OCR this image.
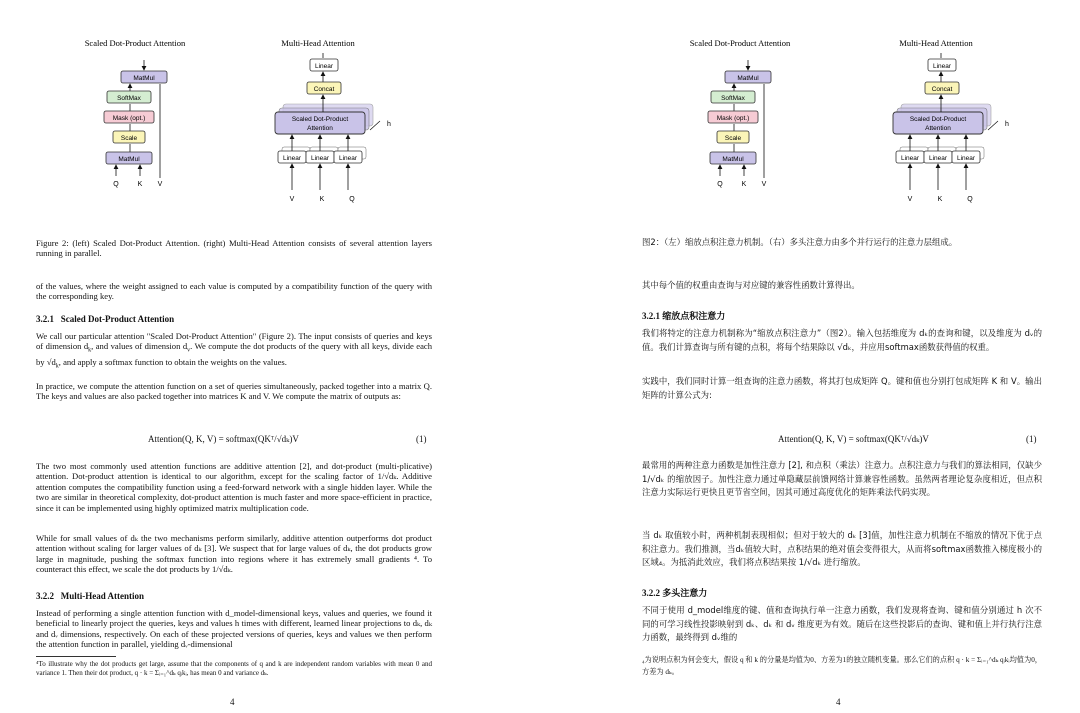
Scaled Dot-Product Attention
MatMul
SoftMax
Mask (opt.)
Scale
MatMul
Q	K V
Multi-Head Attention
Linear
Concat
Scaled Dot-Product
Attention
h
Linear Linear Linear
V	K	Q

Figure 2: (left) Scaled Dot-Product Attention. (right) Multi-Head Attention consists of several attention layers running in parallel.

of the values, where the weight assigned to each value is computed by a compatibility function of the query with the corresponding key.

3.2.1   Scaled Dot-Product Attention

We call our particular attention "Scaled Dot-Product Attention" (Figure 2). The input consists of queries and keys of dimension $d_k$, and values of dimension $d_v$. We compute the dot products of the query with all keys, divide each by $√d_k$, and apply a softmax function to obtain the weights on the values.

In practice, we compute the attention function on a set of queries simultaneously, packed together into a matrix Q. The keys and values are also packed together into matrices K and V. We compute the matrix of outputs as:

Attention(Q, K, V) = softmax(QKᵀ/√dₖ)V	(1)

The two most commonly used attention functions are additive attention [2], and dot-product (multi-plicative) attention. Dot-product attention is identical to our algorithm, except for the scaling factor of 1/√dₖ. Additive attention computes the compatibility function using a feed-forward network with a single hidden layer. While the two are similar in theoretical complexity, dot-product attention is much faster and more space-efficient in practice, since it can be implemented using highly optimized matrix multiplication code.

While for small values of dₖ the two mechanisms perform similarly, additive attention outperforms dot product attention without scaling for larger values of dₖ [3]. We suspect that for large values of dₖ, the dot products grow large in magnitude, pushing the softmax function into regions where it has extremely small gradients ⁴. To counteract this effect, we scale the dot products by 1/√dₖ.

3.2.2   Multi-Head Attention

Instead of performing a single attention function with d_model-dimensional keys, values and queries, we found it beneficial to linearly project the queries, keys and values h times with different, learned linear projections to dₖ, dₖ and dᵥ dimensions, respectively. On each of these projected versions of queries, keys and values we then perform the attention function in parallel, yielding dᵥ-dimensional

⁴To illustrate why the dot products get large, assume that the components of q and k are independent random variables with mean 0 and variance 1. Then their dot product, q · k = Σᵢ₌₁^dₖ qᵢkᵢ, has mean 0 and variance dₖ.

4
Scaled Dot-Product Attention
MatMul
SoftMax
Mask (opt.)
Scale
MatMul
Q	K V
Multi-Head Attention
Linear
Concat
Scaled Dot-Product
Attention
h
Linear Linear Linear
V	K	Q

图2：（左）缩放点积注意力机制。（右）多头注意力由多个并行运行的注意力层组成。

其中每个值的权重由查询与对应键的兼容性函数计算得出。

3.2.1 缩放点积注意力

我们将特定的注意力机制称为“缩放点积注意力”（图2）。输入包括维度为 dₖ的查询和键，以及维度为 dᵥ的值。我们计算查询与所有键的点积，将每个结果除以 √dₖ，并应用softmax函数获得值的权重。

实践中，我们同时计算一组查询的注意力函数，将其打包成矩阵 Q。键和值也分别打包成矩阵 K 和 V。输出矩阵的计算公式为:

Attention(Q, K, V) = softmax(QKᵀ/√dₖ)V	(1)

最常用的两种注意力函数是加性注意力 [2], 和点积（乘法）注意力。点积注意力与我们的算法相同，仅缺少 1/√dₖ 的缩放因子。加性注意力通过单隐藏层前馈网络计算兼容性函数。虽然两者理论复杂度相近，但点积注意力实际运行更快且更节省空间，因其可通过高度优化的矩阵乘法代码实现。

当 dₖ 取值较小时，两种机制表现相似；但对于较大的 dₖ [3]值，加性注意力机制在不缩放的情况下优于点积注意力。我们推测，当dₖ值较大时，点积结果的绝对值会变得很大，从而将softmax函数推入梯度极小的区域₄。为抵消此效应，我们将点积结果按 1/√dₖ 进行缩放。

3.2.2 多头注意力

不同于使用 d_model维度的键、值和查询执行单一注意力函数，我们发现将查询、键和值分别通过 h 次不同的可学习线性投影映射到 dₖ、dₖ 和 dᵥ 维度更为有效。随后在这些投影后的查询、键和值上并行执行注意力函数，最终得到 dᵥ维的

₄为说明点积为何会变大，假设 q 和 k 的分量是均值为0、方差为1的独立随机变量。那么它们的点积 q · k = Σᵢ₌₁^dₖ qᵢkᵢ均值为0，方差为 dₖ。

4
